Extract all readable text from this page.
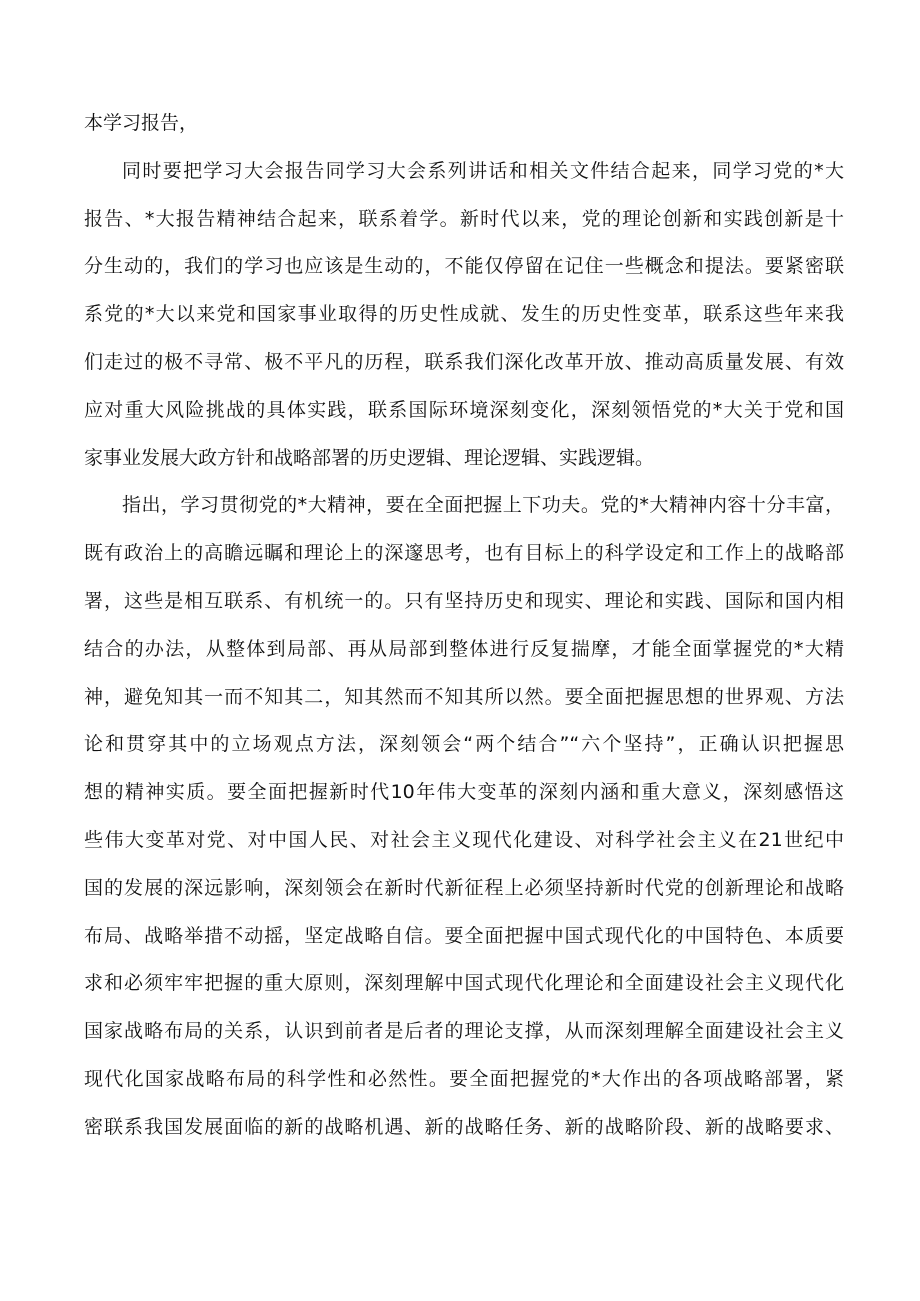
本学习报告，
同时要把学习大会报告同学习大会系列讲话和相关文件结合起来，同学习党的*大
报告、*大报告精神结合起来，联系着学。新时代以来，党的理论创新和实践创新是十
分生动的，我们的学习也应该是生动的，不能仅停留在记住一些概念和提法。要紧密联
系党的*大以来党和国家事业取得的历史性成就、发生的历史性变革，联系这些年来我
们走过的极不寻常、极不平凡的历程，联系我们深化改革开放、推动高质量发展、有效
应对重大风险挑战的具体实践，联系国际环境深刻变化，深刻领悟党的*大关于党和国
家事业发展大政方针和战略部署的历史逻辑、理论逻辑、实践逻辑。
指出，学习贯彻党的*大精神，要在全面把握上下功夫。党的*大精神内容十分丰富，
既有政治上的高瞻远瞩和理论上的深邃思考，也有目标上的科学设定和工作上的战略部
署，这些是相互联系、有机统一的。只有坚持历史和现实、理论和实践、国际和国内相
结合的办法，从整体到局部、再从局部到整体进行反复揣摩，才能全面掌握党的*大精
神，避免知其一而不知其二，知其然而不知其所以然。要全面把握思想的世界观、方法
论和贯穿其中的立场观点方法，深刻领会“两个结合”“六个坚持”，正确认识把握思
想的精神实质。要全面把握新时代10年伟大变革的深刻内涵和重大意义，深刻感悟这
些伟大变革对党、对中国人民、对社会主义现代化建设、对科学社会主义在21世纪中
国的发展的深远影响，深刻领会在新时代新征程上必须坚持新时代党的创新理论和战略
布局、战略举措不动摇，坚定战略自信。要全面把握中国式现代化的中国特色、本质要
求和必须牢牢把握的重大原则，深刻理解中国式现代化理论和全面建设社会主义现代化
国家战略布局的关系，认识到前者是后者的理论支撑，从而深刻理解全面建设社会主义
现代化国家战略布局的科学性和必然性。要全面把握党的*大作出的各项战略部署，紧
密联系我国发展面临的新的战略机遇、新的战略任务、新的战略阶段、新的战略要求、
